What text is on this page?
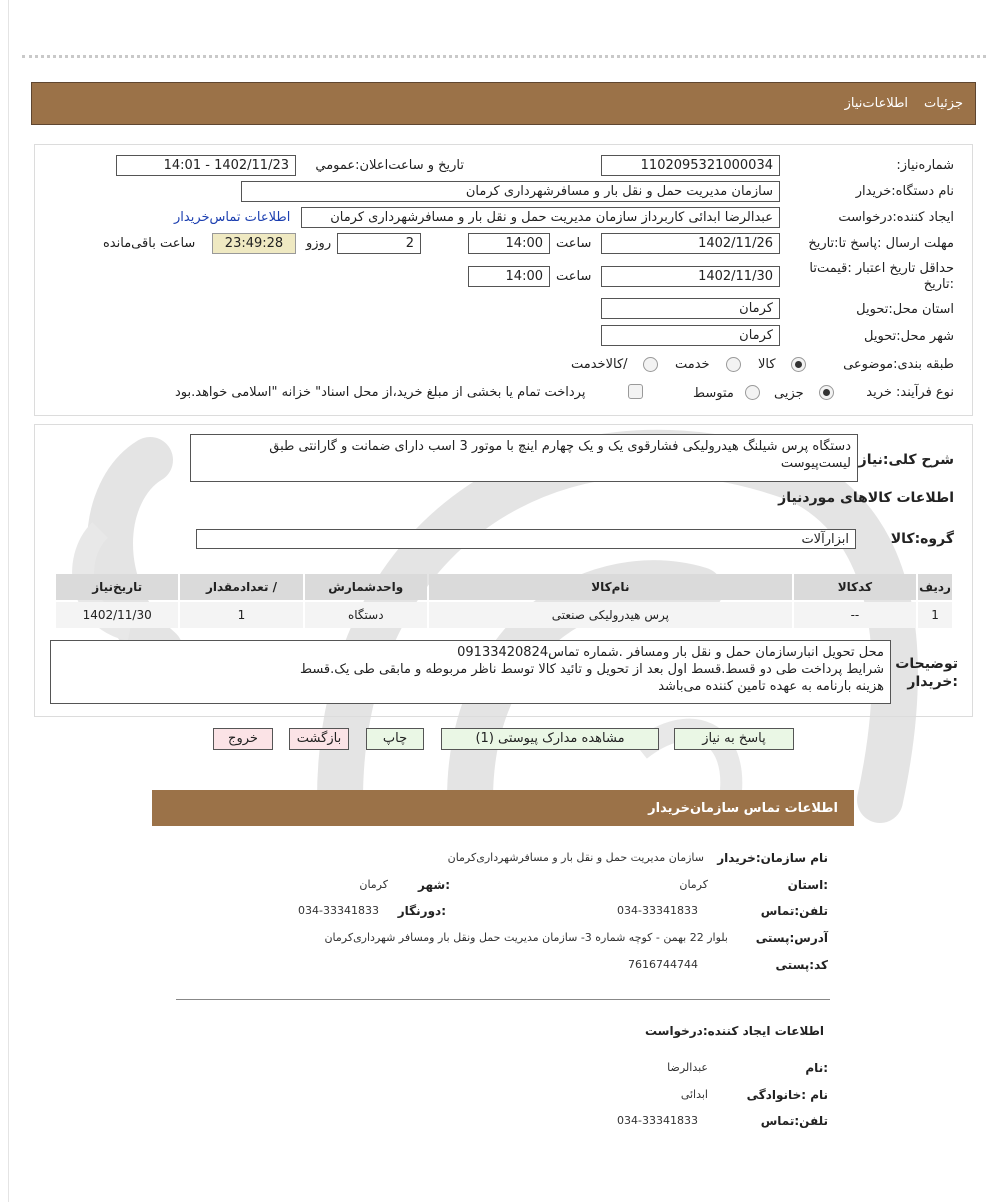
جزئیات
اطلاعات‌نیاز
شماره‌نیاز:
1102095321000034
تاریخ و ساعت‌اعلان:عمومي
1402/11/23 - 14:01
نام دستگاه:خریدار
سازمان مدیریت حمل و نقل بار و مسافرشهرداری کرمان
ایجاد کننده:درخواست
عبدالرضا ابدائی کاربرداز سازمان مدیریت حمل و نقل بار و مسافرشهرداری کرمان
اطلاعات تماس‌خریدار
مهلت ارسال :پاسخ تا:تاریخ
1402/11/26
ساعت
14:00
روزو	2
23:49:28
ساعت باقی‌مانده
حداقل تاریخ اعتبار :قیمت‌تا
:تاریخ
1402/11/30
ساعت
14:00
استان محل:تحویل
کرمان
شهر محل:تحویل
کرمان
طبقه بندی:موضوعی
کالا
خدمت
/کالاخدمت
نوع فرآیند: خرید
جزیی
متوسط
پرداخت تمام یا بخشی از مبلغ خرید،از محل اسناد" خزانه "اسلامی خواهد.بود
شرح کلی:نیاز
دستگاه پرس شیلنگ هیدرولیکی فشارقوی یک و یک چهارم اینچ با موتور 3 اسب دارای ضمانت و گارانتی طبق لیست‌پیوست
اطلاعات کالاهای موردنیاز
گروه:کالا
ابزارآلات
ردیف	کدکالا	نام‌کالا	واحدشمارش	/ تعدادمقدار	تاریخ‌نیاز
1	--	پرس هیدرولیکی صنعتی	دستگاه	1	1402/11/30
توضیحات
:خریدار
محل تحویل انبارسازمان حمل و نقل بار ومسافر .شماره تماس09133420824
شرایط پرداخت طی دو قسط.قسط اول بعد از تحویل و تائید کالا توسط ناظر مربوطه و مابقی طی یک.قسط
هزینه بارنامه به عهده تامین کننده می‌باشد
پاسخ به نیاز
مشاهده مدارک پیوستی (1)
چاپ
بازگشت
خروج
اطلاعات تماس سازمان‌خریدار
نام سازمان:خریدار
سازمان مدیریت حمل و نقل بار و مسافرشهرداری‌کرمان
:استان
کرمان
:شهر
کرمان
تلفن:تماس
034-33341833
:دورنگار
034-33341833
آدرس:پستی
بلوار 22 بهمن - کوچه شماره 3- سازمان مدیریت حمل ونقل بار ومسافر شهرداری‌کرمان
کد:پستی
7616744744
اطلاعات ایجاد کننده:درخواست
:نام
عبدالرضا
نام :خانوادگی
ابدائی
تلفن:تماس
034-33341833
